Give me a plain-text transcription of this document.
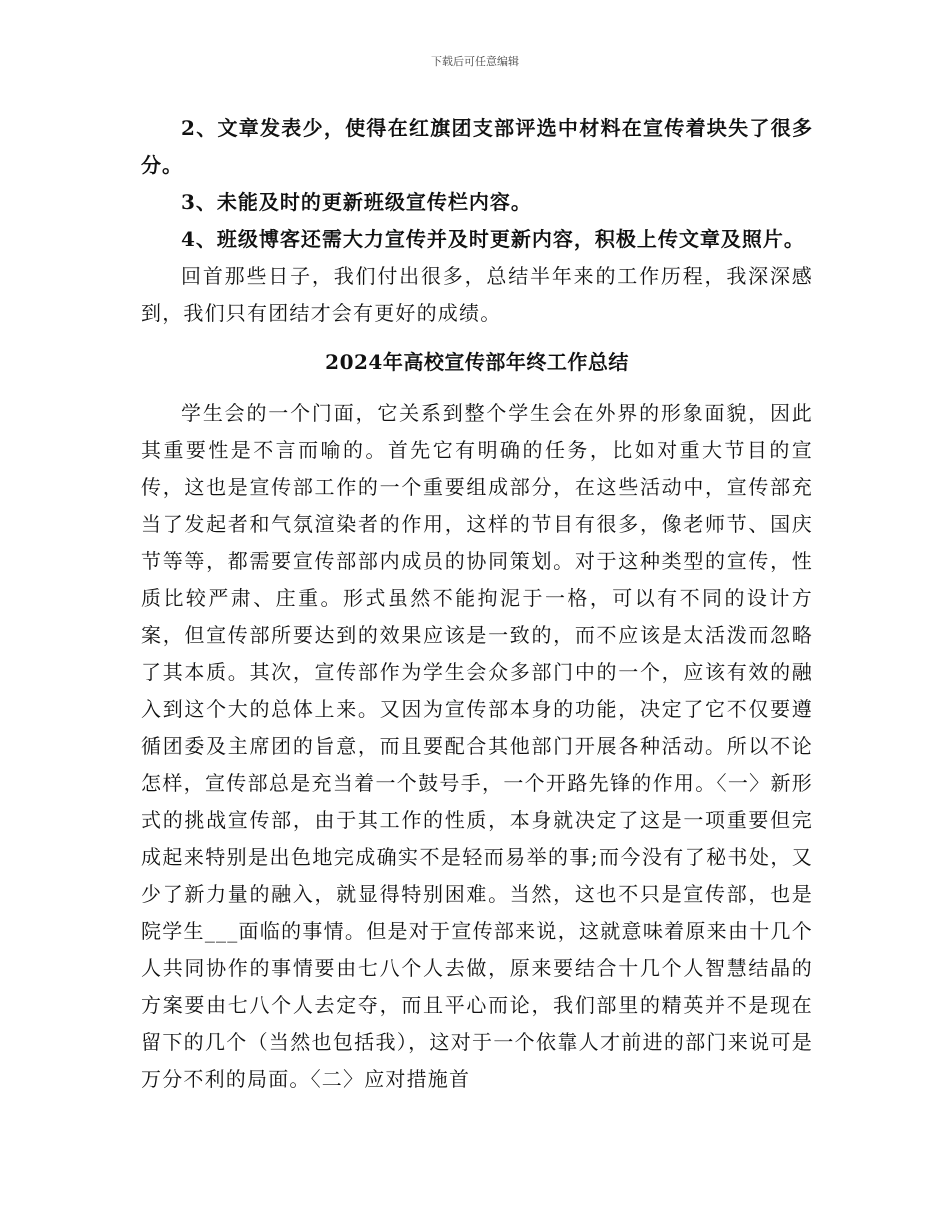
下载后可任意编辑

2、文章发表少，使得在红旗团支部评选中材料在宣传着块失了很多分。

3、未能及时的更新班级宣传栏内容。

4、班级博客还需大力宣传并及时更新内容，积极上传文章及照片。

回首那些日子，我们付出很多，总结半年来的工作历程，我深深感到，我们只有团结才会有更好的成绩。

2024年高校宣传部年终工作总结

学生会的一个门面，它关系到整个学生会在外界的形象面貌，因此其重要性是不言而喻的。首先它有明确的任务，比如对重大节目的宣传，这也是宣传部工作的一个重要组成部分，在这些活动中，宣传部充当了发起者和气氛渲染者的作用，这样的节目有很多，像老师节、国庆节等等，都需要宣传部部内成员的协同策划。对于这种类型的宣传，性质比较严肃、庄重。形式虽然不能拘泥于一格，可以有不同的设计方案，但宣传部所要达到的效果应该是一致的，而不应该是太活泼而忽略了其本质。其次，宣传部作为学生会众多部门中的一个，应该有效的融入到这个大的总体上来。又因为宣传部本身的功能，决定了它不仅要遵循团委及主席团的旨意，而且要配合其他部门开展各种活动。所以不论怎样，宣传部总是充当着一个鼓号手，一个开路先锋的作用。〈一〉新形式的挑战宣传部，由于其工作的性质，本身就决定了这是一项重要但完成起来特别是出色地完成确实不是轻而易举的事;而今没有了秘书处，又少了新力量的融入，就显得特别困难。当然，这也不只是宣传部，也是院学生___面临的事情。但是对于宣传部来说，这就意味着原来由十几个人共同协作的事情要由七八个人去做，原来要结合十几个人智慧结晶的方案要由七八个人去定夺，而且平心而论，我们部里的精英并不是现在留下的几个（当然也包括我），这对于一个依靠人才前进的部门来说可是万分不利的局面。〈二〉应对措施首
